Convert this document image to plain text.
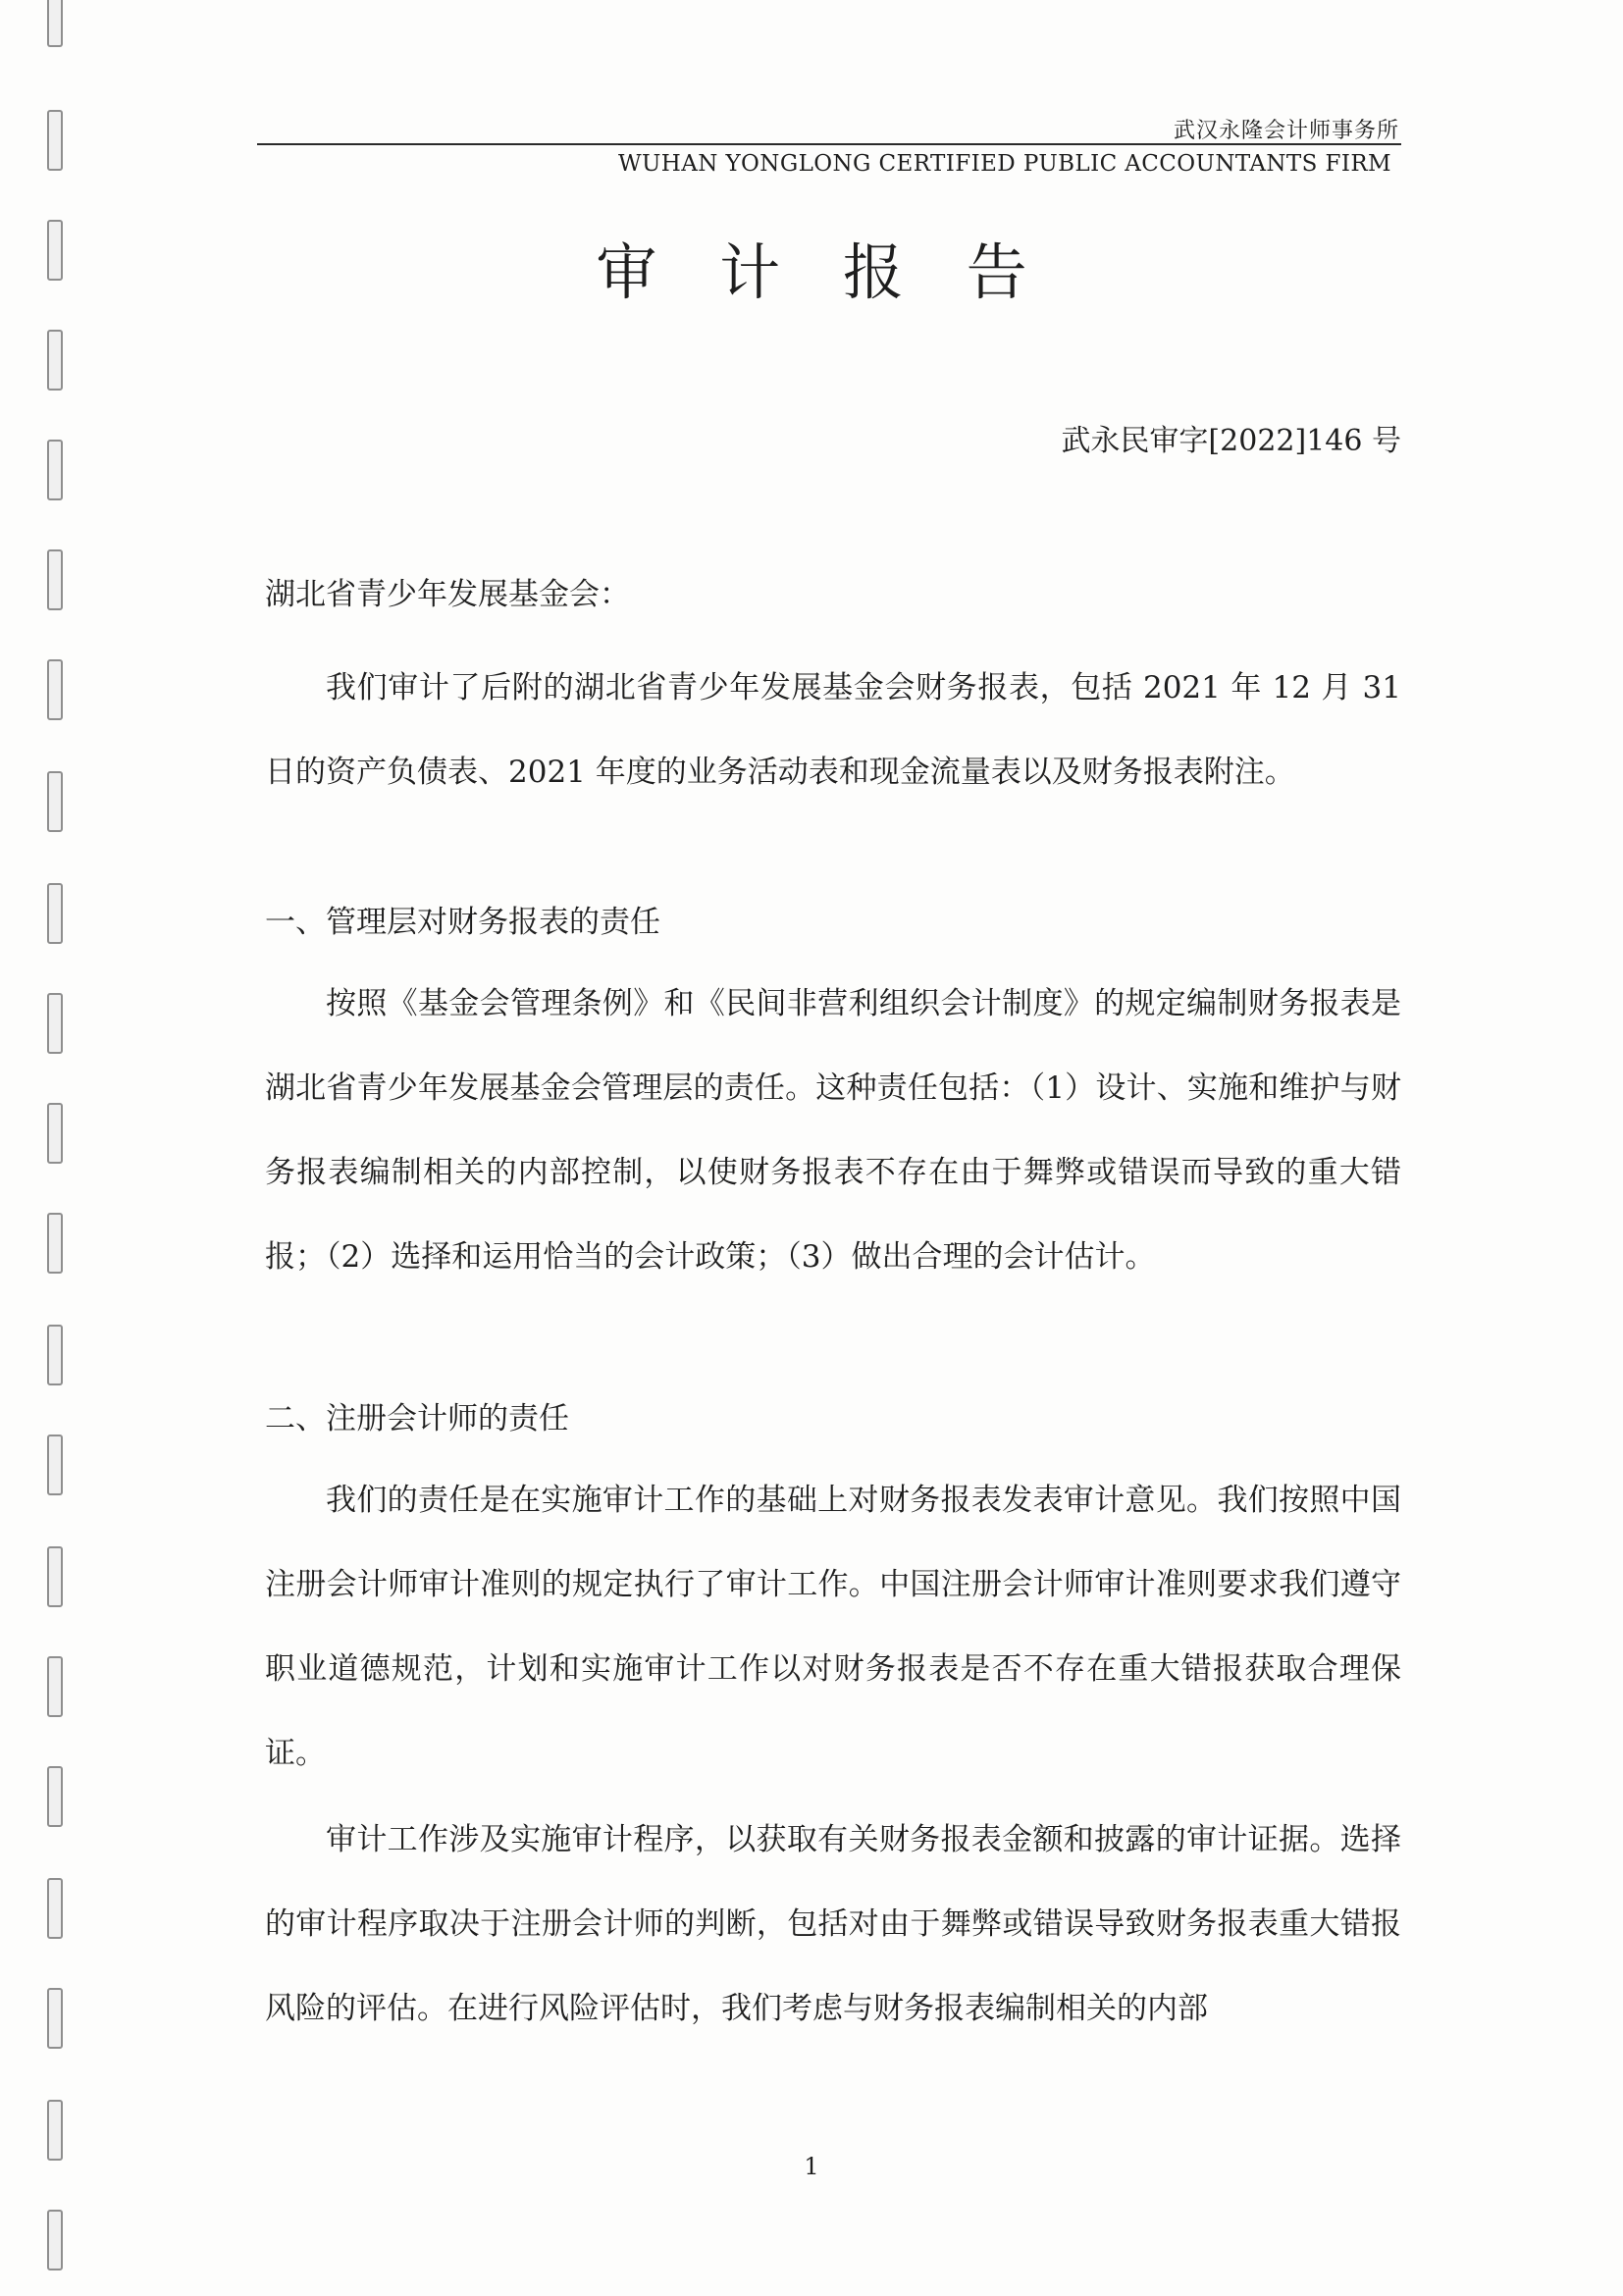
武汉永隆会计师事务所
WUHAN YONGLONG CERTIFIED PUBLIC ACCOUNTANTS FIRM
审 计 报 告
武永民审字[2022]146 号
湖北省青少年发展基金会：

我们审计了后附的湖北省青少年发展基金会财务报表，包括 2021 年 12 月 31 日的资产负债表、2021 年度的业务活动表和现金流量表以及财务报表附注。

一、管理层对财务报表的责任

按照《基金会管理条例》和《民间非营利组织会计制度》的规定编制财务报表是湖北省青少年发展基金会管理层的责任。这种责任包括：（1）设计、实施和维护与财务报表编制相关的内部控制，以使财务报表不存在由于舞弊或错误而导致的重大错报；（2）选择和运用恰当的会计政策；（3）做出合理的会计估计。

二、注册会计师的责任

我们的责任是在实施审计工作的基础上对财务报表发表审计意见。我们按照中国注册会计师审计准则的规定执行了审计工作。中国注册会计师审计准则要求我们遵守职业道德规范，计划和实施审计工作以对财务报表是否不存在重大错报获取合理保证。

审计工作涉及实施审计程序，以获取有关财务报表金额和披露的审计证据。选择的审计程序取决于注册会计师的判断，包括对由于舞弊或错误导致财务报表重大错报风险的评估。在进行风险评估时，我们考虑与财务报表编制相关的内部

1
